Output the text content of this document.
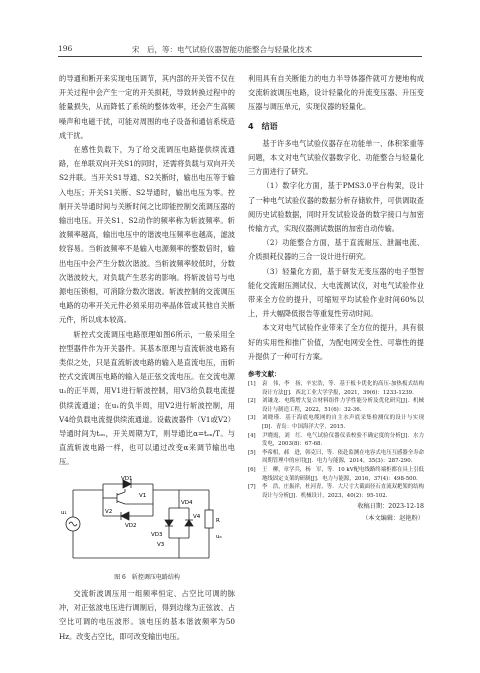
196	宋　后，等：电气试验仪器智能功能整合与轻量化技术

的导通和断开来实现电压调节，其内部的开关管不仅在开关过程中会产生一定的开关损耗，导致转换过程中的能量损失，从而降低了系统的整体效率，还会产生高频噪声和电磁干扰，可能对周围的电子设备和通信系统造成干扰。

在感性负载下，为了给交流调压电路提供续流通路，在单联双向开关S1的同时，还需将负载与双向开关S2并联。当开关S1导通、S2关断时，输出电压等于输入电压；开关S1关断、S2导通时，输出电压为零。控制开关导通时间与关断时间之比即能控制交流调压器的输出电压。开关S1、S2动作的频率称为斩波频率。斩波频率越高，输出电压中的谐波电压频率也越高，滤波较容易。当斩波频率不是输入电源频率的整数倍时，输出电压中会产生分数次谐波。当斩波频率较低时，分数次谐波较大，对负载产生恶劣的影响。将斩波信号与电源电压锁相，可消除分数次谐波。斩波控制的交流调压电路的功率开关元件必须采用功率晶体管或其他自关断元件，所以成本较高。

斩控式交流调压电路原理如图6所示，一般采用全控型器件作为开关器件。其基本原理与直流斩波电路有类似之处，只是直流斩波电路的输入是直流电压，而斩控式交流调压电路的输入是正弦交流电压。在交流电源u₁的正半周，用V1进行斩波控制，用V3给负载电流提供续流通道；在u₁的负半周，用V2进行斩波控制，用V4给负载电流提供续流通道。设截波器件（V1或V2）导通时间为tₒₙ，开关周期为T，则导通比α=tₒₙ/T。与直流斩波电路一样，也可以通过改变α来调节输出电压。

VD1
V1
V2
VD2
VD3
V3
VD4
V4
R
u₁
uₒ
图 6　斩控调压电路结构

交流斩波调压用一组频率恒定、占空比可调的脉冲，对正弦波电压进行调制后，得到边缘为正弦波、占空比可调的电压波形。该电压的基本谐波频率为50 Hz。改变占空比，即可改变输出电压。

利用具有自关断能力的电力半导体器件就可方便地构成交流斩波调压电路，设计轻量化的升流变压器、升压变压器与调压单元，实现仪器的轻量化。

4　结语

基于许多电气试验仪器存在功能单一、体积笨重等问题，本文对电气试验仪器数字化、功能整合与轻量化三方面进行了研究。

（1）数字化方面，基于PMS3.0平台构架，设计了一种电气试验仪器的数据分析存储软件，可供调取查阅历史试验数据，同时开发试验设备的数字接口与加密传输方式，实现仪器测试数据的加密自动传输。

（2）功能整合方面，基于直流耐压、泄漏电流、介质损耗仪器的三合一设计进行研究。

（3）轻量化方面，基于研发无变压器的电子型智能化交流耐压测试仪、大电流测试仪，对电气试验作业带来全方位的提升，可缩短平均试验作业时间60%以上，并大幅降低报告等重复性劳动时间。

本文对电气试验作业带来了全方位的提升，具有很好的实用性和推广价值，为配电网安全性、可靠性的提升提供了一种可行方案。

参考文献：
[1]	袁　伟，李　扬，辛宏浩，等．基于板卡优化的高压-加热板式结构设计方法[J]．西北工业大学学报，2021，39(6)：1233-1239.
[2]	刘谦龙．电缆增大复合材料组件力学性能分析及优化研究[J]．机械设计与制造工程，2022，51(6)：32-36.
[3]	刘晓瑾．基于海底电缆网的自主水声底采集检测仪的设计与实现[D]．青岛：中国海洋大学，2015.
[4]	尹晓霞，刘　红．电气试验仪器仪表校验不确定度的分析[J]．水力发电，2003(8)：67-68.
[5]	李希相，郝　进，韩克曰，等．依赴监测在电容式电压互感器全寿命周期管理中的应用[J]．电力与能源，2014，35(3)：287-290.
[6]	王　柳，章学兵，杨　军，等．10 kV配电线路终端柜都在具上引低地线固定支架的研制[J]．电力与能源，2016，37(4)：498-500.
[7]	李　浩，庄振祥，杜河青，等．大尺寸大截面径石直流双耙架的结构设计与分析[J]．机械设计，2023，40(2)：95-102.
收稿日期：2023-12-18
（本文编辑：赵艳粉）
